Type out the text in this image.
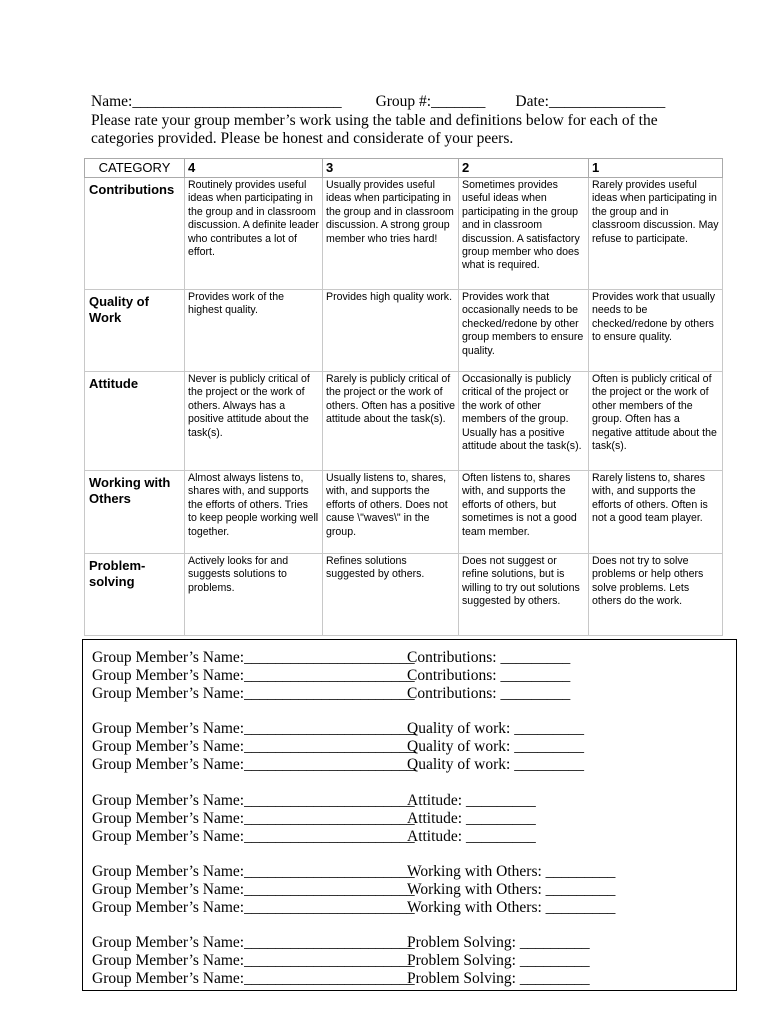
Name:___________________________ Group #:_______ Date:_______________
Please rate your group member’s work using the table and definitions below for each of the categories provided. Please be honest and considerate of your peers.
CATEGORY	4	3	2	1
Contributions	Routinely provides useful ideas when participating in the group and in classroom discussion. A definite leader who contributes a lot of effort.	Usually provides useful ideas when participating in the group and in classroom discussion. A strong group member who tries hard!	Sometimes provides useful ideas when participating in the group and in classroom discussion. A satisfactory group member who does what is required.	Rarely provides useful ideas when participating in the group and in classroom discussion. May refuse to participate.
Quality of Work	Provides work of the highest quality.	Provides high quality work.	Provides work that occasionally needs to be checked/redone by other group members to ensure quality.	Provides work that usually needs to be checked/redone by others to ensure quality.
Attitude	Never is publicly critical of the project or the work of others. Always has a positive attitude about the task(s).	Rarely is publicly critical of the project or the work of others. Often has a positive attitude about the task(s).	Occasionally is publicly critical of the project or the work of other members of the group. Usually has a positive attitude about the task(s).	Often is publicly critical of the project or the work of other members of the group. Often has a negative attitude about the task(s).
Working with Others	Almost always listens to, shares with, and supports the efforts of others. Tries to keep people working well together.	Usually listens to, shares, with, and supports the efforts of others. Does not cause \"waves\" in the group.	Often listens to, shares with, and supports the efforts of others, but sometimes is not a good team member.	Rarely listens to, shares with, and supports the efforts of others. Often is not a good team player.
Problem-solving	Actively looks for and suggests solutions to problems.	Refines solutions suggested by others.	Does not suggest or refine solutions, but is willing to try out solutions suggested by others.	Does not try to solve problems or help others solve problems. Lets others do the work.
Group Member’s Name:______________________Contributions: _________
Group Member’s Name:______________________Contributions: _________
Group Member’s Name:______________________Contributions: _________
Group Member’s Name:______________________Quality of work: _________
Group Member’s Name:______________________Quality of work: _________
Group Member’s Name:______________________Quality of work: _________
Group Member’s Name:______________________Attitude: _________
Group Member’s Name:______________________Attitude: _________
Group Member’s Name:______________________Attitude: _________
Group Member’s Name:______________________Working with Others: _________
Group Member’s Name:______________________Working with Others: _________
Group Member’s Name:______________________Working with Others: _________
Group Member’s Name:______________________Problem Solving: _________
Group Member’s Name:______________________Problem Solving: _________
Group Member’s Name:______________________Problem Solving: _________
